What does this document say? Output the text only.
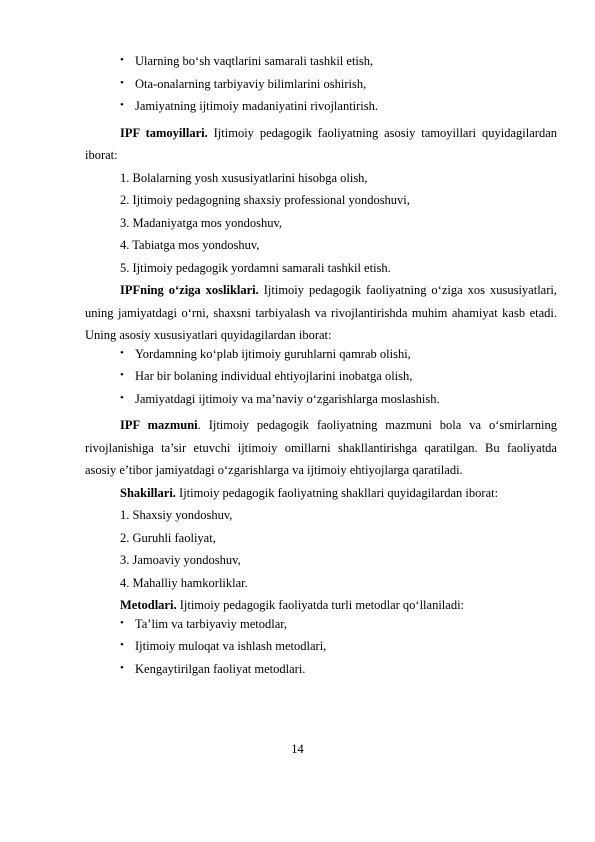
• Ularning bo‘sh vaqtlarini samarali tashkil etish,
• Ota-onalarning tarbiyaviy bilimlarini oshirish,
• Jamiyatning ijtimoiy madaniyatini rivojlantirish.
IPF tamoyillari. Ijtimoiy pedagogik faoliyatning asosiy tamoyillari quyidagilardan iborat:
1. Bolalarning yosh xususiyatlarini hisobga olish,
2. Ijtimoiy pedagogning shaxsiy professional yondoshuvi,
3. Madaniyatga mos yondoshuv,
4. Tabiatga mos yondoshuv,
5. Ijtimoiy pedagogik yordamni samarali tashkil etish.
IPFning o‘ziga xosliklari. Ijtimoiy pedagogik faoliyatning o‘ziga xos xususiyatlari, uning jamiyatdagi o‘rni, shaxsni tarbiyalash va rivojlantirishda muhim ahamiyat kasb etadi. Uning asosiy xususiyatlari quyidagilardan iborat:
• Yordamning ko‘plab ijtimoiy guruhlarni qamrab olishi,
• Har bir bolaning individual ehtiyojlarini inobatga olish,
• Jamiyatdagi ijtimoiy va ma’naviy o‘zgarishlarga moslashish.
IPF mazmuni. Ijtimoiy pedagogik faoliyatning mazmuni bola va o‘smirlarning rivojlanishiga ta’sir etuvchi ijtimoiy omillarni shakllantirishga qaratilgan. Bu faoliyatda asosiy e’tibor jamiyatdagi o‘zgarishlarga va ijtimoiy ehtiyojlarga qaratiladi.
Shakillari. Ijtimoiy pedagogik faoliyatning shakllari quyidagilardan iborat:
1. Shaxsiy yondoshuv,
2. Guruhli faoliyat,
3. Jamoaviy yondoshuv,
4. Mahalliy hamkorliklar.
Metodlari. Ijtimoiy pedagogik faoliyatda turli metodlar qo‘llaniladi:
• Ta’lim va tarbiyaviy metodlar,
• Ijtimoiy muloqat va ishlash metodlari,
• Kengaytirilgan faoliyat metodlari.
14
